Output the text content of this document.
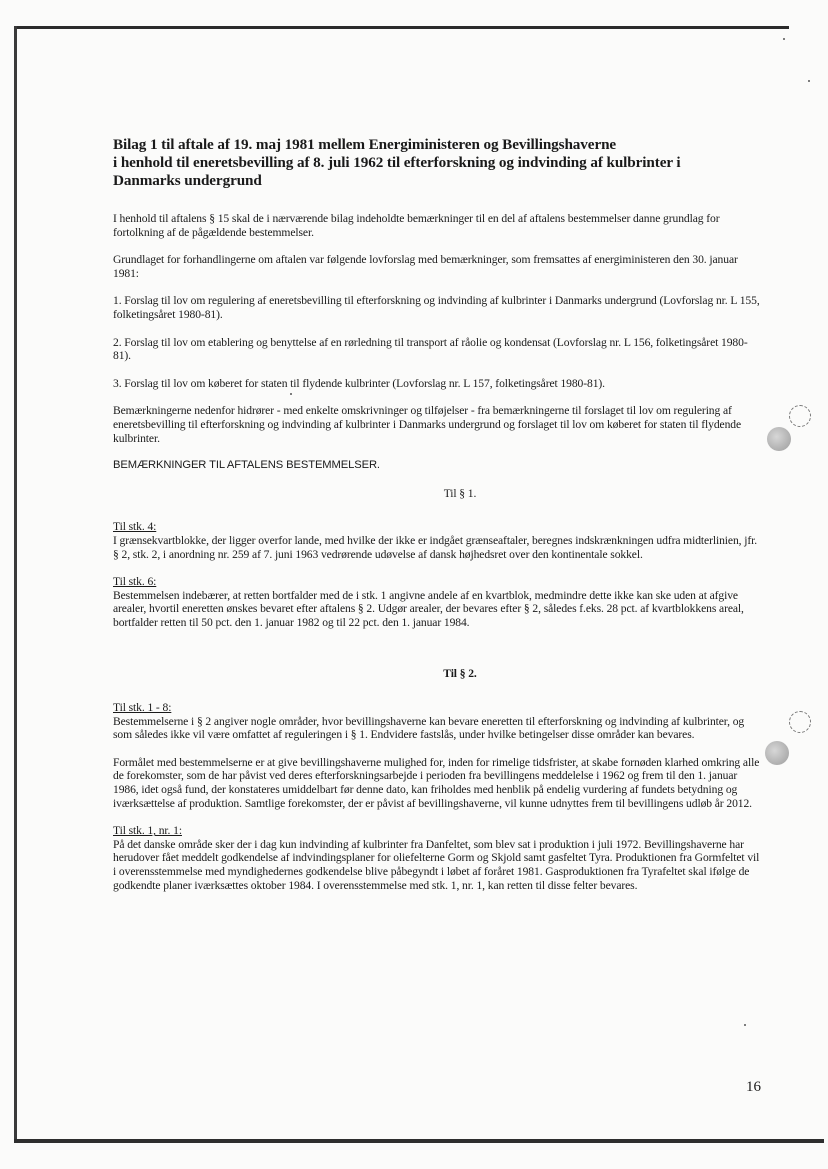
Bilag 1 til aftale af 19. maj 1981 mellem Energiministeren og Bevillingshaverne
i henhold til eneretsbevilling af 8. juli 1962 til efterforskning og indvinding af kulbrinter i
Danmarks undergrund

I henhold til aftalens § 15 skal de i nærværende bilag indeholdte bemærkninger til en del af aftalens bestemmelser danne grundlag for fortolkning af de pågældende bestemmelser.

Grundlaget for forhandlingerne om aftalen var følgende lovforslag med bemærkninger, som fremsattes af energiministeren den 30. januar 1981:

1. Forslag til lov om regulering af eneretsbevilling til efterforskning og indvinding af kulbrinter i Danmarks undergrund (Lovforslag nr. L 155, folketingsåret 1980-81).

2. Forslag til lov om etablering og benyttelse af en rørledning til transport af råolie og kondensat (Lovforslag nr. L 156, folketingsåret 1980-81).

3. Forslag til lov om køberet for staten til flydende kulbrinter (Lovforslag nr. L 157, folketingsåret 1980-81).

Bemærkningerne nedenfor hidrører - med enkelte omskrivninger og tilføjelser - fra bemærkningerne til forslaget til lov om regulering af eneretsbevilling til efterforskning og indvinding af kulbrinter i Danmarks undergrund og forslaget til lov om køberet for staten til flydende kulbrinter.

BEMÆRKNINGER TIL AFTALENS BESTEMMELSER.
Til § 1.
Til stk. 4:

I grænsekvartblokke, der ligger overfor lande, med hvilke der ikke er indgået grænseaftaler, beregnes indskrænkningen udfra midterlinien, jfr. § 2, stk. 2, i anordning nr. 259 af 7. juni 1963 vedrørende udøvelse af dansk højhedsret over den kontinentale sokkel.

Til stk. 6:

Bestemmelsen indebærer, at retten bortfalder med de i stk. 1 angivne andele af en kvartblok, medmindre dette ikke kan ske uden at afgive arealer, hvortil eneretten ønskes bevaret efter aftalens § 2. Udgør arealer, der bevares efter § 2, således f.eks. 28 pct. af kvartblokkens areal, bortfalder retten til 50 pct. den 1. januar 1982 og til 22 pct. den 1. januar 1984.

Til § 2.
Til stk. 1 - 8:

Bestemmelserne i § 2 angiver nogle områder, hvor bevillingshaverne kan bevare eneretten til efterforskning og indvinding af kulbrinter, og som således ikke vil være omfattet af reguleringen i § 1. Endvidere fastslås, under hvilke betingelser disse områder kan bevares.

Formålet med bestemmelserne er at give bevillingshaverne mulighed for, inden for rimelige tidsfrister, at skabe fornøden klarhed omkring alle de forekomster, som de har påvist ved deres efterforskningsarbejde i perioden fra bevillingens meddelelse i 1962 og frem til den 1. januar 1986, idet også fund, der konstateres umiddelbart før denne dato, kan friholdes med henblik på endelig vurdering af fundets betydning og iværksættelse af produktion. Samtlige forekomster, der er påvist af bevillingshaverne, vil kunne udnyttes frem til bevillingens udløb år 2012.

Til stk. 1, nr. 1:

På det danske område sker der i dag kun indvinding af kulbrinter fra Danfeltet, som blev sat i produktion i juli 1972. Bevillingshaverne har herudover fået meddelt godkendelse af indvindingsplaner for oliefelterne Gorm og Skjold samt gasfeltet Tyra. Produktionen fra Gormfeltet vil i overensstemmelse med myndighedernes godkendelse blive påbegyndt i løbet af foråret 1981. Gasproduktionen fra Tyrafeltet skal ifølge de godkendte planer iværksættes oktober 1984. I overensstemmelse med stk. 1, nr. 1, kan retten til disse felter bevares.

16
